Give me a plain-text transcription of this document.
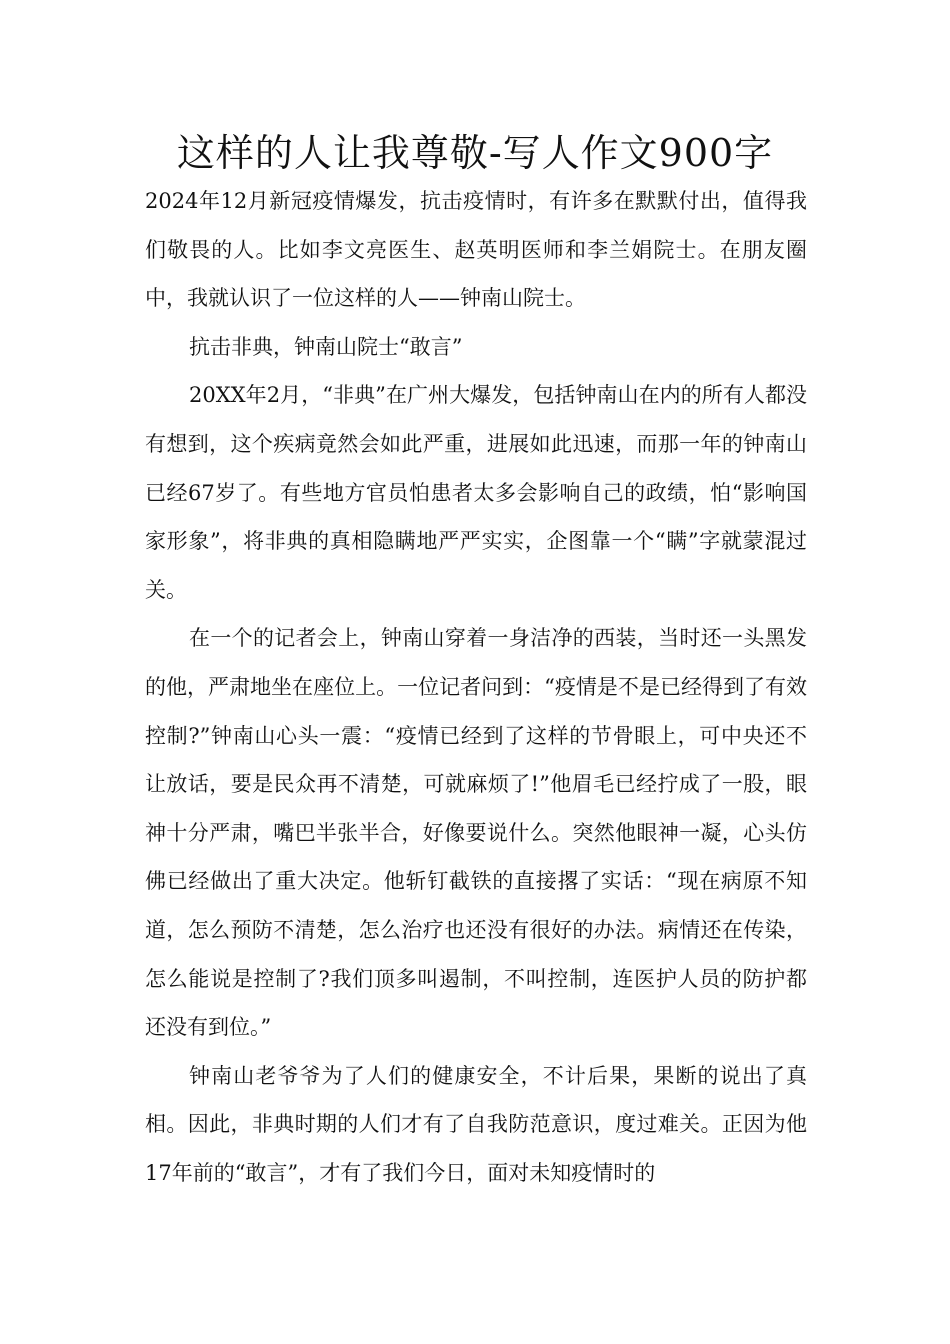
这样的人让我尊敬-写人作文900字

2024年12月新冠疫情爆发，抗击疫情时，有许多在默默付出，值得我们敬畏的人。比如李文亮医生、赵英明医师和李兰娟院士。在朋友圈中，我就认识了一位这样的人——钟南山院士。

抗击非典，钟南山院士“敢言”

20XX年2月，“非典”在广州大爆发，包括钟南山在内的所有人都没有想到，这个疾病竟然会如此严重，进展如此迅速，而那一年的钟南山已经67岁了。有些地方官员怕患者太多会影响自己的政绩，怕“影响国家形象”，将非典的真相隐瞒地严严实实，企图靠一个“瞒”字就蒙混过关。

在一个的记者会上，钟南山穿着一身洁净的西装，当时还一头黑发的他，严肃地坐在座位上。一位记者问到：“疫情是不是已经得到了有效控制?”钟南山心头一震：“疫情已经到了这样的节骨眼上，可中央还不让放话，要是民众再不清楚，可就麻烦了!”他眉毛已经拧成了一股，眼神十分严肃，嘴巴半张半合，好像要说什么。突然他眼神一凝，心头仿佛已经做出了重大决定。他斩钉截铁的直接撂了实话：“现在病原不知道，怎么预防不清楚，怎么治疗也还没有很好的办法。病情还在传染，怎么能说是控制了?我们顶多叫遏制，不叫控制，连医护人员的防护都还没有到位。”

钟南山老爷爷为了人们的健康安全，不计后果，果断的说出了真相。因此，非典时期的人们才有了自我防范意识，度过难关。正因为他17年前的“敢言”，才有了我们今日，面对未知疫情时的
